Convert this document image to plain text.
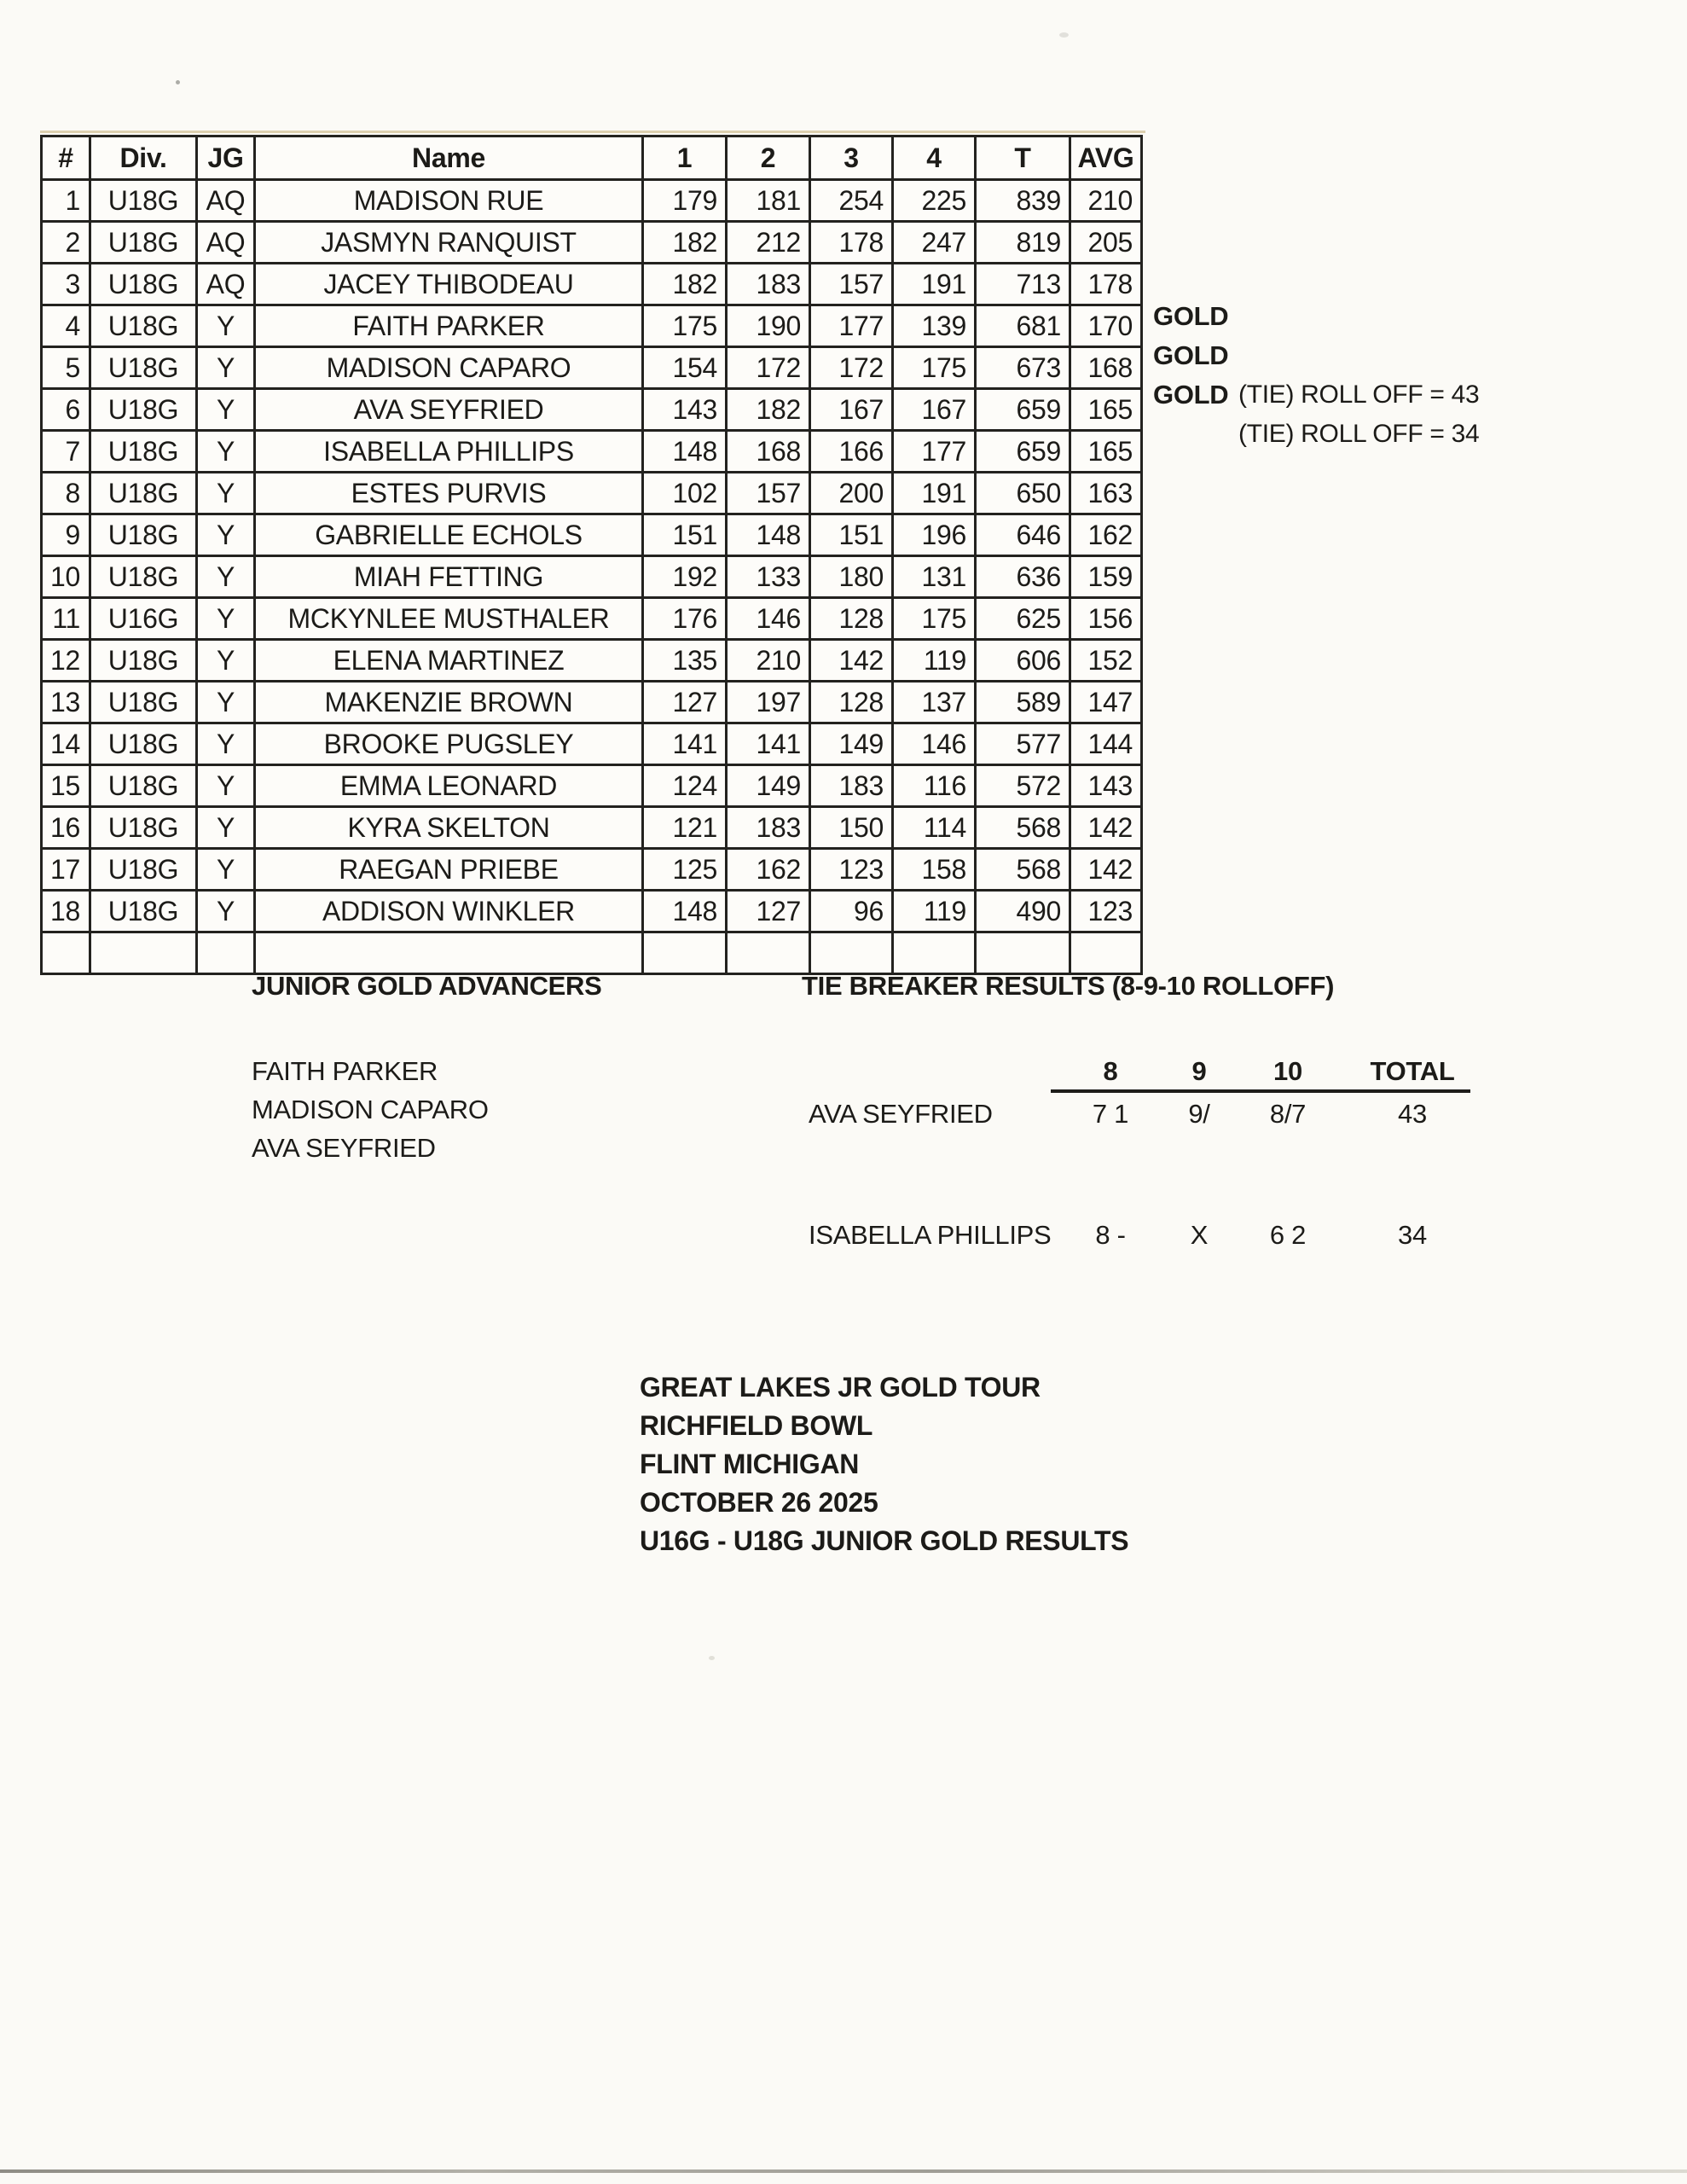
#	Div.	JG	Name	1	2	3	4	T	AVG
1	U18G	AQ	MADISON RUE	179	181	254	225	839	210
2	U18G	AQ	JASMYN RANQUIST	182	212	178	247	819	205
3	U18G	AQ	JACEY THIBODEAU	182	183	157	191	713	178
4	U18G	Y	FAITH PARKER	175	190	177	139	681	170
5	U18G	Y	MADISON CAPARO	154	172	172	175	673	168
6	U18G	Y	AVA SEYFRIED	143	182	167	167	659	165
7	U18G	Y	ISABELLA PHILLIPS	148	168	166	177	659	165
8	U18G	Y	ESTES PURVIS	102	157	200	191	650	163
9	U18G	Y	GABRIELLE ECHOLS	151	148	151	196	646	162
10	U18G	Y	MIAH FETTING	192	133	180	131	636	159
11	U16G	Y	MCKYNLEE MUSTHALER	176	146	128	175	625	156
12	U18G	Y	ELENA MARTINEZ	135	210	142	119	606	152
13	U18G	Y	MAKENZIE BROWN	127	197	128	137	589	147
14	U18G	Y	BROOKE PUGSLEY	141	141	149	146	577	144
15	U18G	Y	EMMA LEONARD	124	149	183	116	572	143
16	U18G	Y	KYRA SKELTON	121	183	150	114	568	142
17	U18G	Y	RAEGAN PRIEBE	125	162	123	158	568	142
18	U18G	Y	ADDISON WINKLER	148	127	96	119	490	123

GOLD
GOLD
GOLD (TIE) ROLL OFF = 43
(TIE) ROLL OFF = 34
JUNIOR GOLD ADVANCERS
FAITH PARKER
MADISON CAPARO
AVA SEYFRIED
TIE BREAKER RESULTS (8-9-10 ROLLOFF)
8	9	10	TOTAL
AVA SEYFRIED	7 1	9/	8/7	43
ISABELLA PHILLIPS	8 -	X	6 2	34
GREAT LAKES JR GOLD TOUR
RICHFIELD BOWL
FLINT MICHIGAN
OCTOBER 26 2025
U16G - U18G JUNIOR GOLD RESULTS
